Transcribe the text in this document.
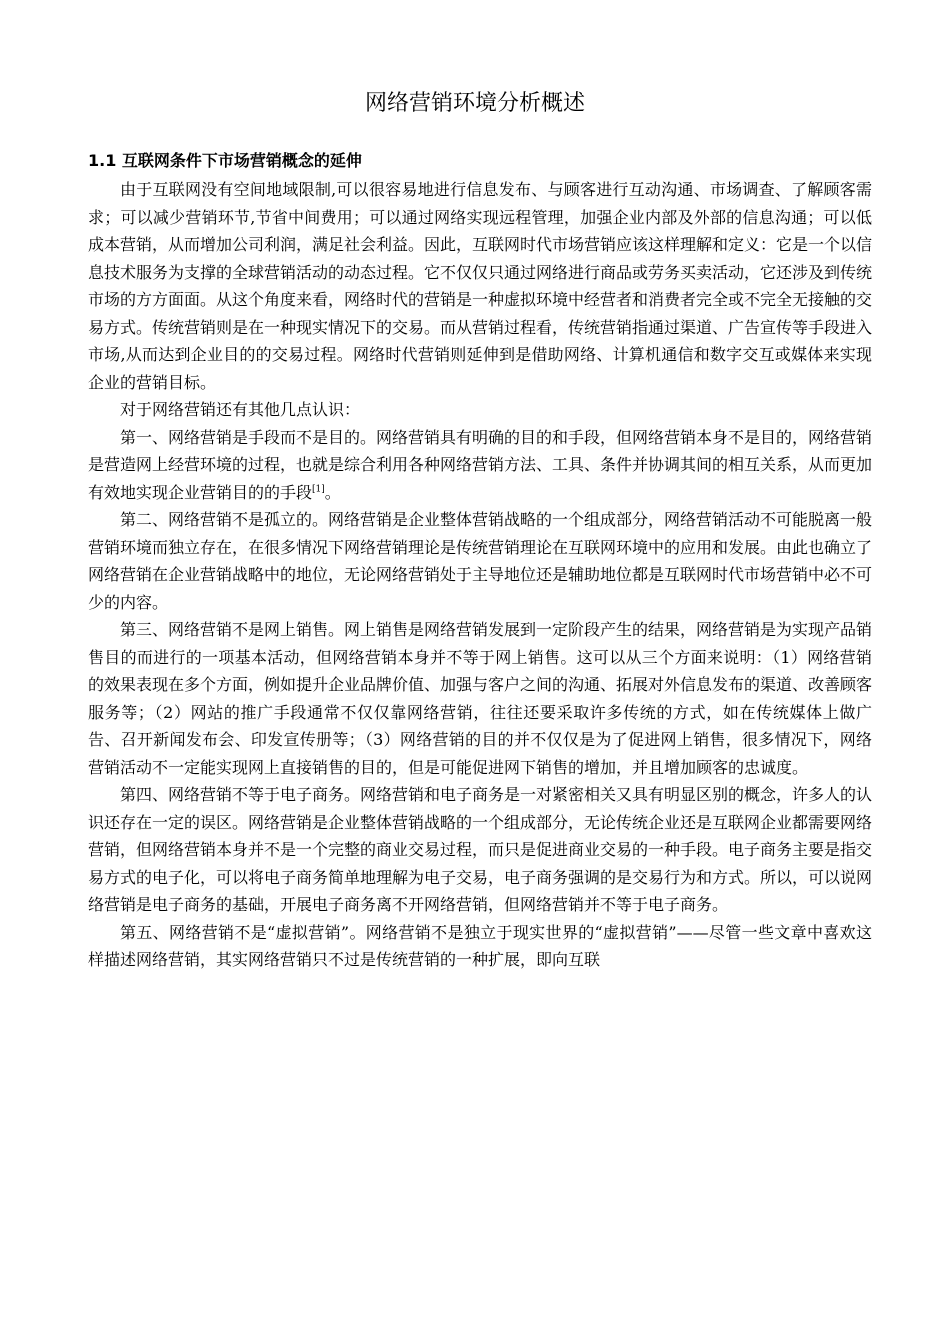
网络营销环境分析概述
1.1 互联网条件下市场营销概念的延伸

由于互联网没有空间地域限制,可以很容易地进行信息发布、与顾客进行互动沟通、市场调查、了解顾客需求；可以减少营销环节,节省中间费用；可以通过网络实现远程管理，加强企业内部及外部的信息沟通；可以低成本营销，从而增加公司利润，满足社会利益。因此，互联网时代市场营销应该这样理解和定义：它是一个以信息技术服务为支撑的全球营销活动的动态过程。它不仅仅只通过网络进行商品或劳务买卖活动，它还涉及到传统市场的方方面面。从这个角度来看，网络时代的营销是一种虚拟环境中经营者和消费者完全或不完全无接触的交易方式。传统营销则是在一种现实情况下的交易。而从营销过程看，传统营销指通过渠道、广告宣传等手段进入市场,从而达到企业目的的交易过程。网络时代营销则延伸到是借助网络、计算机通信和数字交互或媒体来实现企业的营销目标。

对于网络营销还有其他几点认识：

第一、网络营销是手段而不是目的。网络营销具有明确的目的和手段，但网络营销本身不是目的，网络营销是营造网上经营环境的过程，也就是综合利用各种网络营销方法、工具、条件并协调其间的相互关系，从而更加有效地实现企业营销目的的手段[1]。

第二、网络营销不是孤立的。网络营销是企业整体营销战略的一个组成部分，网络营销活动不可能脱离一般营销环境而独立存在，在很多情况下网络营销理论是传统营销理论在互联网环境中的应用和发展。由此也确立了网络营销在企业营销战略中的地位，无论网络营销处于主导地位还是辅助地位都是互联网时代市场营销中必不可少的内容。

第三、网络营销不是网上销售。网上销售是网络营销发展到一定阶段产生的结果，网络营销是为实现产品销售目的而进行的一项基本活动，但网络营销本身并不等于网上销售。这可以从三个方面来说明：（1）网络营销的效果表现在多个方面，例如提升企业品牌价值、加强与客户之间的沟通、拓展对外信息发布的渠道、改善顾客服务等；（2）网站的推广手段通常不仅仅靠网络营销，往往还要采取许多传统的方式，如在传统媒体上做广告、召开新闻发布会、印发宣传册等；（3）网络营销的目的并不仅仅是为了促进网上销售，很多情况下，网络营销活动不一定能实现网上直接销售的目的，但是可能促进网下销售的增加，并且增加顾客的忠诚度。

第四、网络营销不等于电子商务。网络营销和电子商务是一对紧密相关又具有明显区别的概念，许多人的认识还存在一定的误区。网络营销是企业整体营销战略的一个组成部分，无论传统企业还是互联网企业都需要网络营销，但网络营销本身并不是一个完整的商业交易过程，而只是促进商业交易的一种手段。电子商务主要是指交易方式的电子化，可以将电子商务简单地理解为电子交易，电子商务强调的是交易行为和方式。所以，可以说网络营销是电子商务的基础，开展电子商务离不开网络营销，但网络营销并不等于电子商务。

第五、网络营销不是“虚拟营销”。网络营销不是独立于现实世界的“虚拟营销”——尽管一些文章中喜欢这样描述网络营销，其实网络营销只不过是传统营销的一种扩展，即向互联
